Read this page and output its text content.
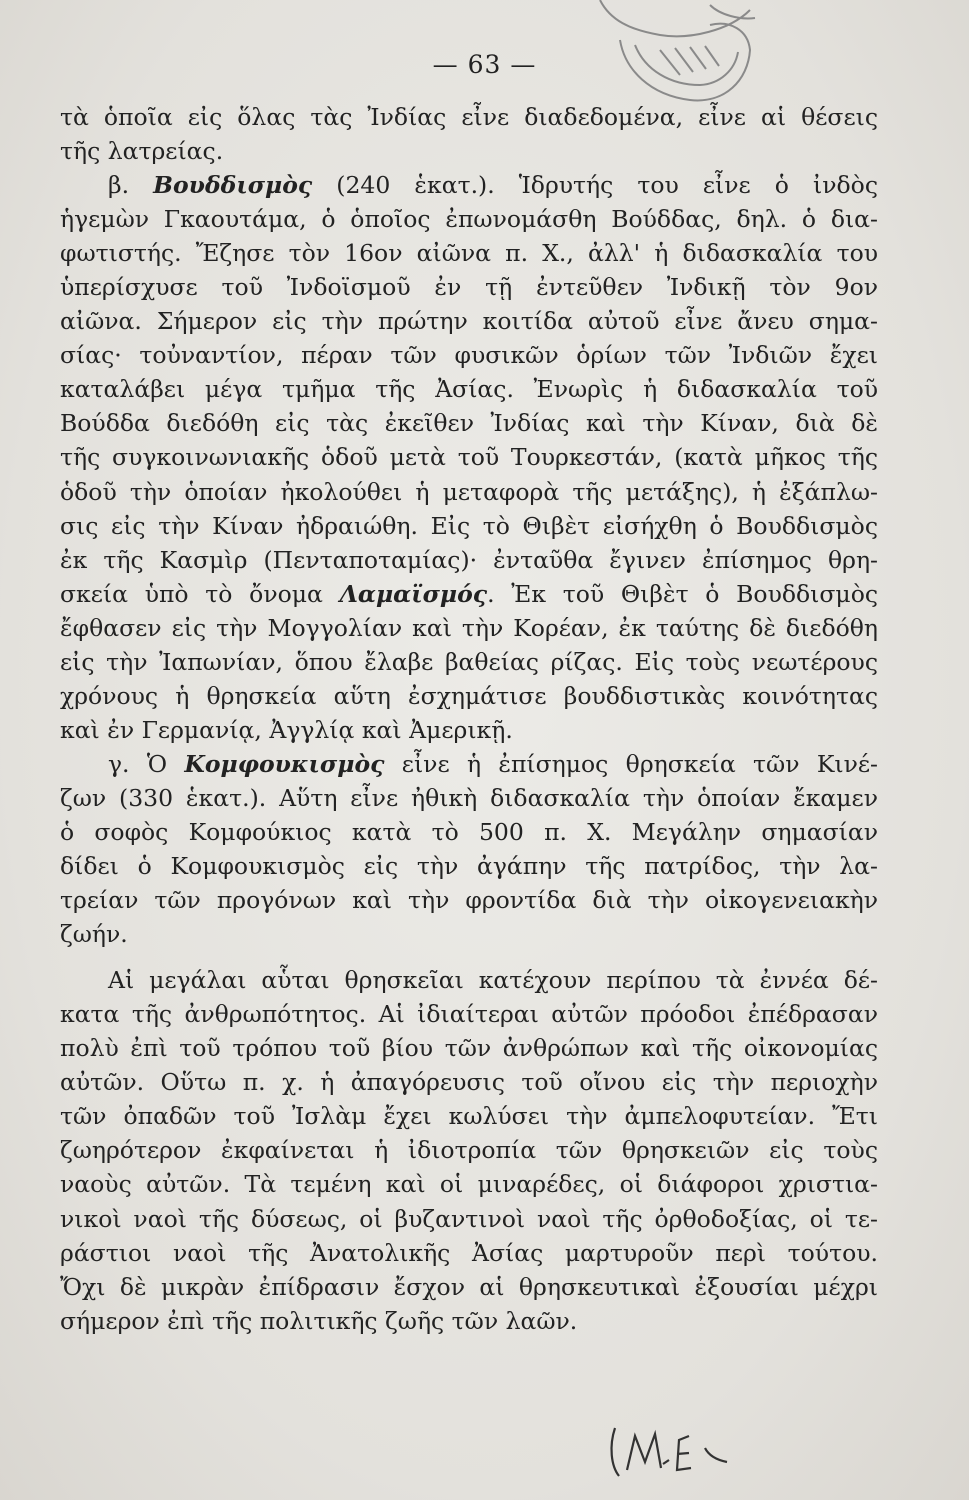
— 63 —
τὰ ὁποῖα εἰς ὅλας τὰς Ἰνδίας εἶνε διαδεδομένα, εἶνε αἱ θέσεις
τῆς λατρείας.
β. Βουδδισμὸς (240 ἑκατ.). Ἱδρυτής του εἶνε ὁ ἰνδὸς
ἡγεμὼν Γκαουτάμα, ὁ ὁποῖος ἐπωνομάσθη Βούδδας, δηλ. ὁ δια-
φωτιστής. Ἔζησε τὸν 16ον αἰῶνα π. Χ., ἀλλ' ἡ διδασκαλία του
ὑπερίσχυσε τοῦ Ἰνδοϊσμοῦ ἐν τῇ ἐντεῦθεν Ἰνδικῇ τὸν 9ον
αἰῶνα. Σήμερον εἰς τὴν πρώτην κοιτίδα αὐτοῦ εἶνε ἄνευ σημα-
σίας· τοὐναντίον, πέραν τῶν φυσικῶν ὁρίων τῶν Ἰνδιῶν ἔχει
καταλάβει μέγα τμῆμα τῆς Ἀσίας. Ἐνωρὶς ἡ διδασκαλία τοῦ
Βούδδα διεδόθη εἰς τὰς ἐκεῖθεν Ἰνδίας καὶ τὴν Κίναν, διὰ δὲ
τῆς συγκοινωνιακῆς ὁδοῦ μετὰ τοῦ Τουρκεστάν, (κατὰ μῆκος τῆς
ὁδοῦ τὴν ὁποίαν ἠκολούθει ἡ μεταφορὰ τῆς μετάξης), ἡ ἐξάπλω-
σις εἰς τὴν Κίναν ἠδραιώθη. Εἰς τὸ Θιβὲτ εἰσήχθη ὁ Βουδδισμὸς
ἐκ τῆς Κασμὶρ (Πενταποταμίας)· ἐνταῦθα ἔγινεν ἐπίσημος θρη-
σκεία ὑπὸ τὸ ὄνομα Λαμαϊσμός. Ἐκ τοῦ Θιβὲτ ὁ Βουδδισμὸς
ἔφθασεν εἰς τὴν Μογγολίαν καὶ τὴν Κορέαν, ἐκ ταύτης δὲ διεδόθη
εἰς τὴν Ἰαπωνίαν, ὅπου ἔλαβε βαθείας ρίζας. Εἰς τοὺς νεωτέρους
χρόνους ἡ θρησκεία αὕτη ἐσχημάτισε βουδδιστικὰς κοινότητας
καὶ ἐν Γερμανίᾳ, Ἀγγλίᾳ καὶ Ἀμερικῇ.
γ. Ὁ Κομφουκισμὸς εἶνε ἡ ἐπίσημος θρησκεία τῶν Κινέ-
ζων (330 ἑκατ.). Αὕτη εἶνε ἠθικὴ διδασκαλία τὴν ὁποίαν ἔκαμεν
ὁ σοφὸς Κομφούκιος κατὰ τὸ 500 π. Χ. Μεγάλην σημασίαν
δίδει ὁ Κομφουκισμὸς εἰς τὴν ἀγάπην τῆς πατρίδος, τὴν λα-
τρείαν τῶν προγόνων καὶ τὴν φροντίδα διὰ τὴν οἰκογενειακὴν
ζωήν.
Αἱ μεγάλαι αὗται θρησκεῖαι κατέχουν περίπου τὰ ἐννέα δέ-
κατα τῆς ἀνθρωπότητος. Αἱ ἰδιαίτεραι αὐτῶν πρόοδοι ἐπέδρασαν
πολὺ ἐπὶ τοῦ τρόπου τοῦ βίου τῶν ἀνθρώπων καὶ τῆς οἰκονομίας
αὐτῶν. Οὕτω π. χ. ἡ ἀπαγόρευσις τοῦ οἴνου εἰς τὴν περιοχὴν
τῶν ὀπαδῶν τοῦ Ἰσλὰμ ἔχει κωλύσει τὴν ἀμπελοφυτείαν. Ἔτι
ζωηρότερον ἐκφαίνεται ἡ ἰδιοτροπία τῶν θρησκειῶν εἰς τοὺς
ναοὺς αὐτῶν. Τὰ τεμένη καὶ οἱ μιναρέδες, οἱ διάφοροι χριστια-
νικοὶ ναοὶ τῆς δύσεως, οἱ βυζαντινοὶ ναοὶ τῆς ὀρθοδοξίας, οἱ τε-
ράστιοι ναοὶ τῆς Ἀνατολικῆς Ἀσίας μαρτυροῦν περὶ τούτου.
Ὄχι δὲ μικρὰν ἐπίδρασιν ἔσχον αἱ θρησκευτικαὶ ἐξουσίαι μέχρι
σήμερον ἐπὶ τῆς πολιτικῆς ζωῆς τῶν λαῶν.
